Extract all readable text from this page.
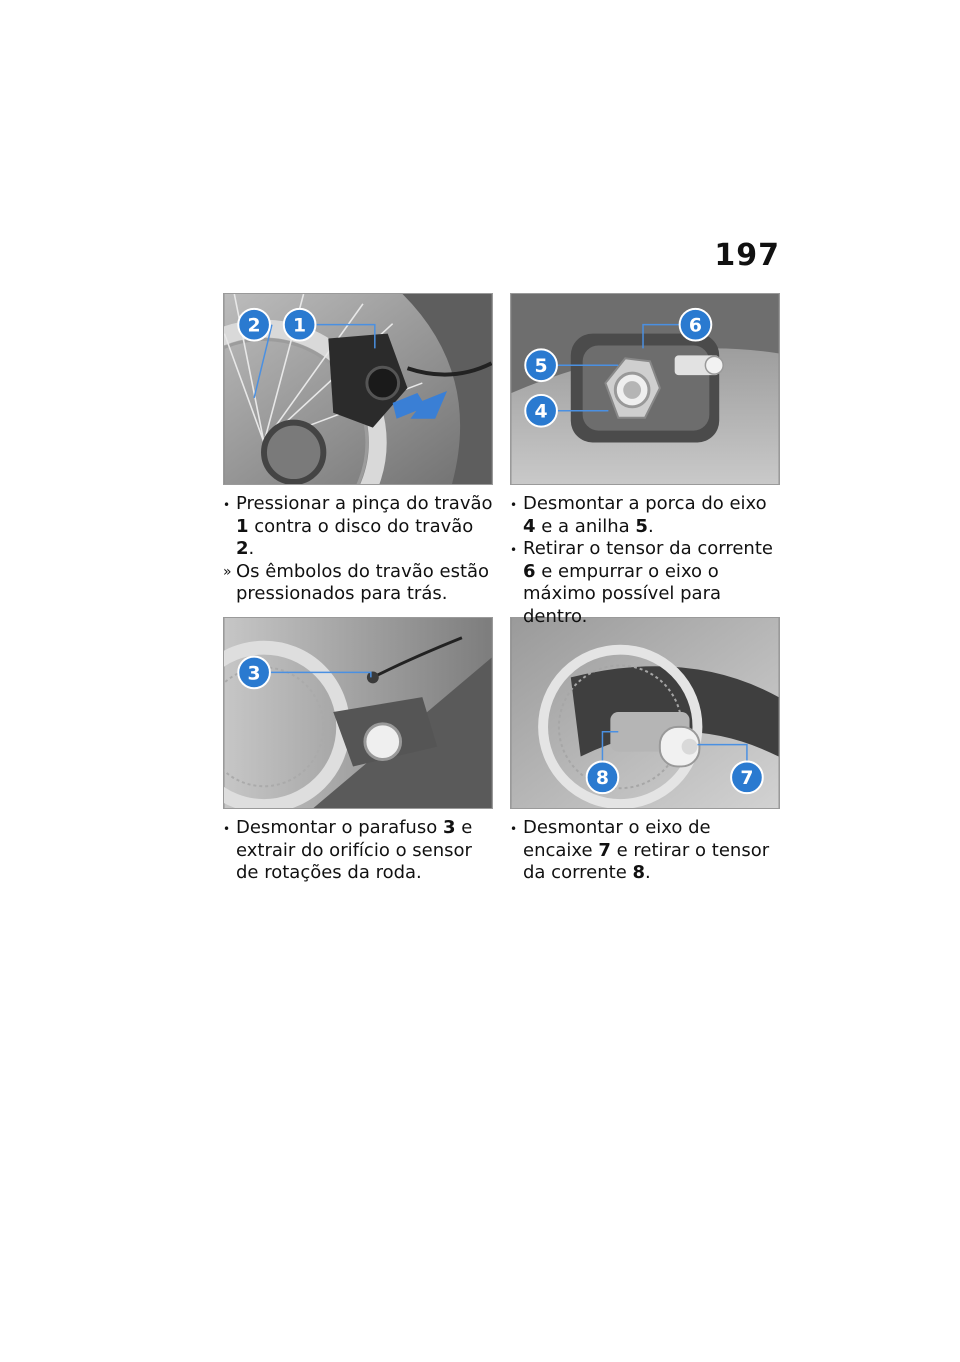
197
2 1	6
5
4
3
8	7
• Pressionar a pinça do travão 1 contra o disco do travão 2.
» Os êmbolos do travão estão pressionados para trás.
• Desmontar a porca do eixo 4 e a anilha 5.
• Retirar o tensor da corrente 6 e empurrar o eixo o máximo possível para dentro.
• Desmontar o parafuso 3 e extrair do orifício o sensor de rotações da roda.
• Desmontar o eixo de encaixe 7 e retirar o tensor da corrente 8.
